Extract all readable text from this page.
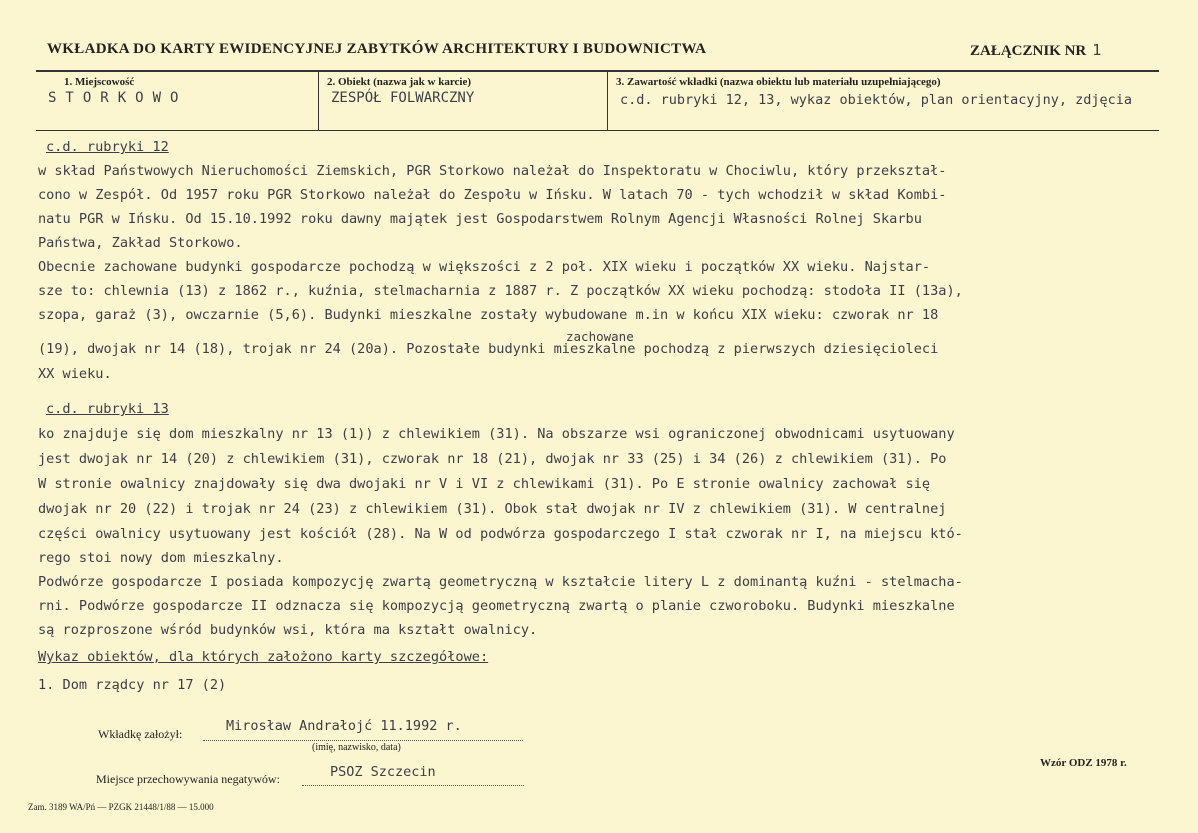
WKŁADKA DO KARTY EWIDENCYJNEJ ZABYTKÓW ARCHITEKTURY I BUDOWNICTWA	ZAŁĄCZNIK NR 1
1. Miejscowość
STORKOWO
2. Obiekt (nazwa jak w karcie)
ZESPÓŁ FOLWARCZNY
3. Zawartość wkładki (nazwa obiektu lub materiału uzupełniającego)
c.d. rubryki 12, 13, wykaz obiektów, plan orientacyjny, zdjęcia
c.d. rubryki 12
w skład Państwowych Nieruchomości Ziemskich, PGR Storkowo należał do Inspektoratu w Chociwlu, który przekształ-
cono w Zespół. Od 1957 roku PGR Storkowo należał do Zespołu w Ińsku. W latach 70 - tych wchodził w skład Kombi-
natu PGR w Ińsku. Od 15.10.1992 roku dawny majątek jest Gospodarstwem Rolnym Agencji Własności Rolnej Skarbu
Państwa, Zakład Storkowo.
Obecnie zachowane budynki gospodarcze pochodzą w większości z 2 poł. XIX wieku i początków XX wieku. Najstar-
sze to: chlewnia (13) z 1862 r., kuźnia, stelmacharnia z 1887 r. Z początków XX wieku pochodzą: stodoła II (13a),
szopa, garaż (3), owczarnie (5,6). Budynki mieszkalne zostały wybudowane m.in w końcu XIX wieku: czworak nr 18
zachowane
(19), dwojak nr 14 (18), trojak nr 24 (20a). Pozostałe budynki mieszkalne pochodzą z pierwszych dziesięcioleci
XX wieku.
c.d. rubryki 13
ko znajduje się dom mieszkalny nr 13 (1)) z chlewikiem (31). Na obszarze wsi ograniczonej obwodnicami usytuowany
jest dwojak nr 14 (20) z chlewikiem (31), czworak nr 18 (21), dwojak nr 33 (25) i 34 (26) z chlewikiem (31). Po
W stronie owalnicy znajdowały się dwa dwojaki nr V i VI z chlewikami (31). Po E stronie owalnicy zachował się
dwojak nr 20 (22) i trojak nr 24 (23) z chlewikiem (31). Obok stał dwojak nr IV z chlewikiem (31). W centralnej
części owalnicy usytuowany jest kościół (28). Na W od podwórza gospodarczego I stał czworak nr I, na miejscu któ-
rego stoi nowy dom mieszkalny.
Podwórze gospodarcze I posiada kompozycję zwartą geometryczną w kształcie litery L z dominantą kuźni - stelmacha-
rni. Podwórze gospodarcze II odznacza się kompozycją geometryczną zwartą o planie czworoboku. Budynki mieszkalne
są rozproszone wśród budynków wsi, która ma kształt owalnicy.
Wykaz obiektów, dla których założono karty szczegółowe:
1. Dom rządcy nr 17 (2)
Wkładkę założył:	Mirosław Andrałojć 11.1992 r.
(imię, nazwisko, data)
Miejsce przechowywania negatywów:	PSOZ Szczecin
Wzór ODZ 1978 r.
Zam. 3189 WA/Pń — PZGK 21448/1/88 — 15.000
